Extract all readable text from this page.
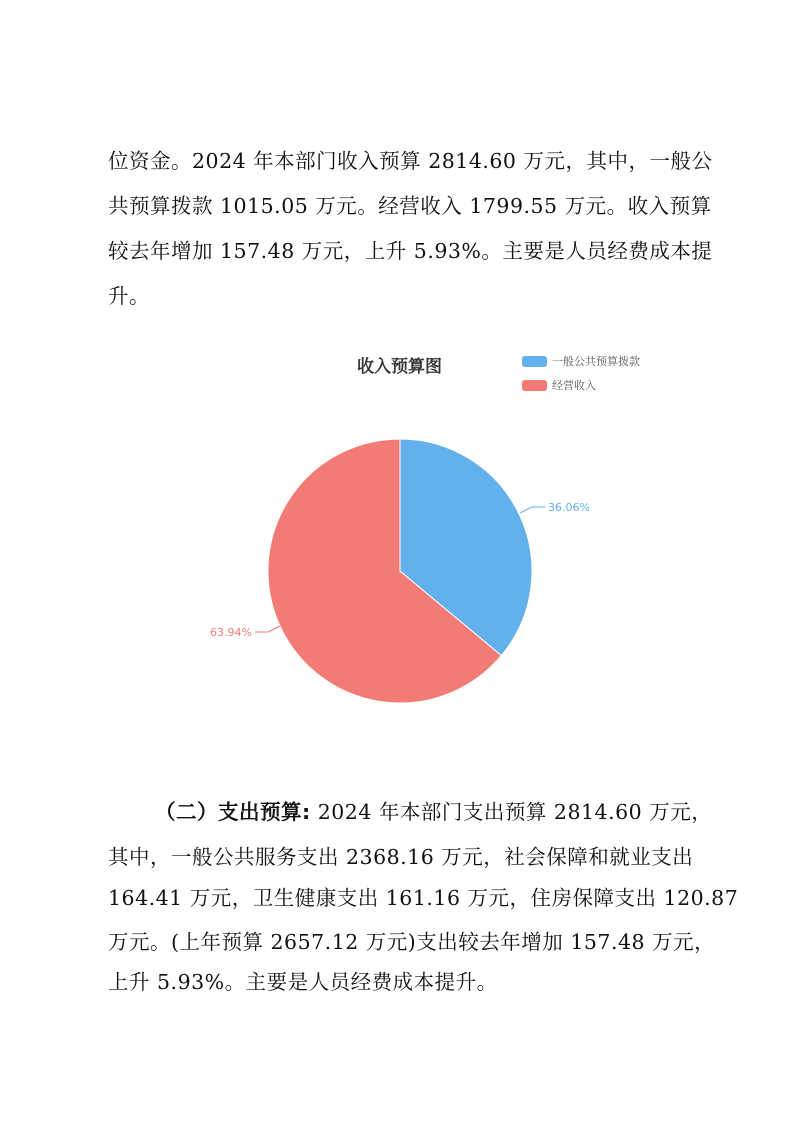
位资金。2024 年本部门收入预算 2814.60 万元，其中，一般公
共预算拨款 1015.05 万元。经营收入 1799.55 万元。收入预算
较去年增加 157.48 万元，上升 5.93%。主要是人员经费成本提
升。
收入预算图	一般公共预算拨款
经营收入
36.06%
63.94%
（二）支出预算: 2024 年本部门支出预算 2814.60 万元，
其中，一般公共服务支出 2368.16 万元，社会保障和就业支出
164.41 万元，卫生健康支出 161.16 万元，住房保障支出 120.87
万元。(上年预算 2657.12 万元)支出较去年增加 157.48 万元，
上升 5.93%。主要是人员经费成本提升。
